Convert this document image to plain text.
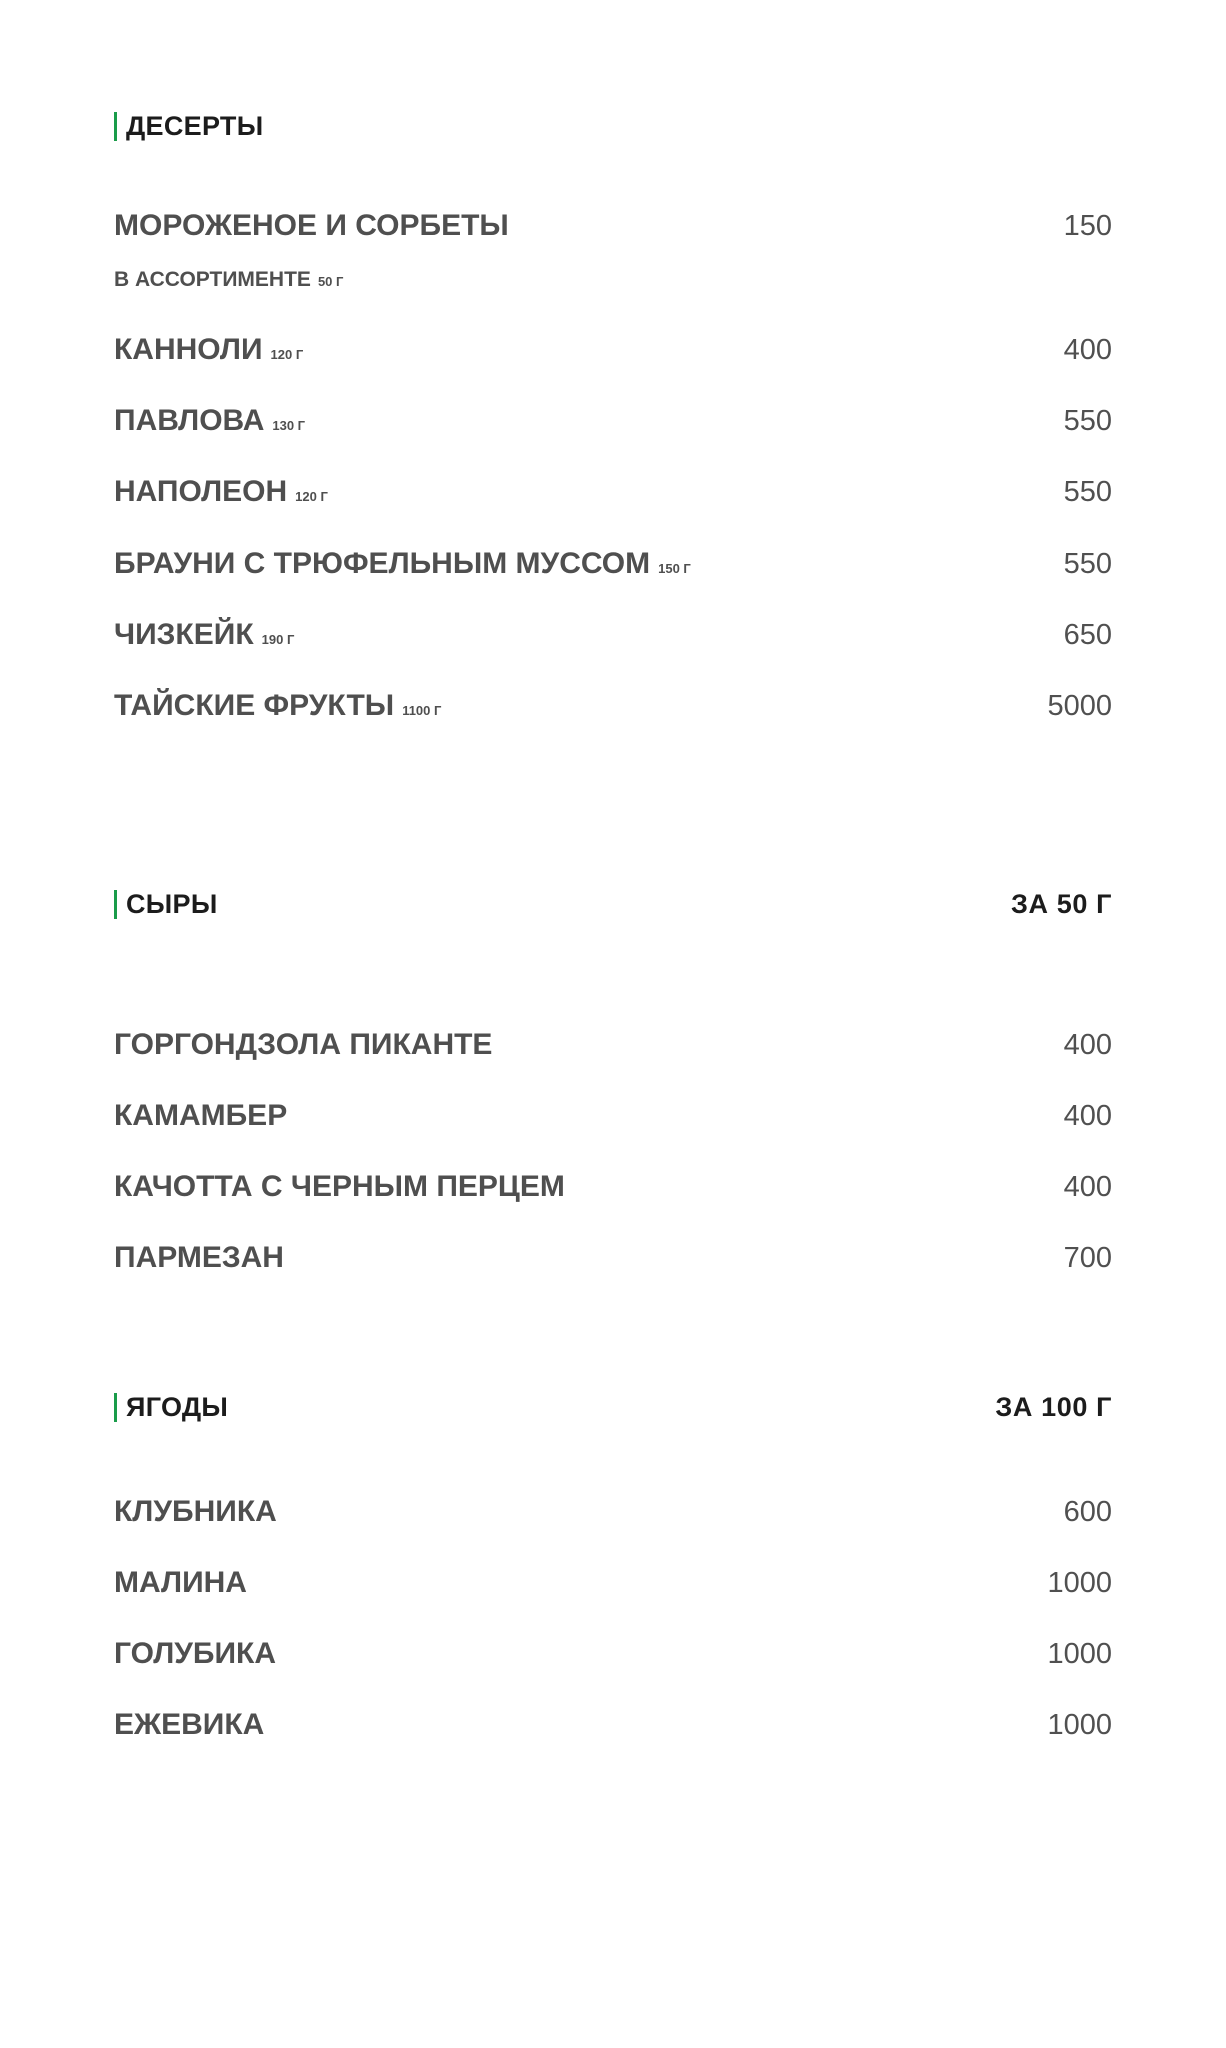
ДЕСЕРТЫ
МОРОЖЕНОЕ И СОРБЕТЫ	150
В АССОРТИМЕНТЕ 50 Г
КАННОЛИ 120 Г	400
ПАВЛОВА 130 Г	550
НАПОЛЕОН 120 Г	550
БРАУНИ С ТРЮФЕЛЬНЫМ МУССОМ 150 Г	550
ЧИЗКЕЙК 190 Г	650
ТАЙСКИЕ ФРУКТЫ 1100 Г	5000
СЫРЫ	ЗА 50 Г
ГОРГОНДЗОЛА ПИКАНТЕ	400
КАМАМБЕР	400
КАЧОТТА С ЧЕРНЫМ ПЕРЦЕМ	400
ПАРМЕЗАН	700
ЯГОДЫ	ЗА 100 Г
КЛУБНИКА	600
МАЛИНА	1000
ГОЛУБИКА	1000
ЕЖЕВИКА	1000
